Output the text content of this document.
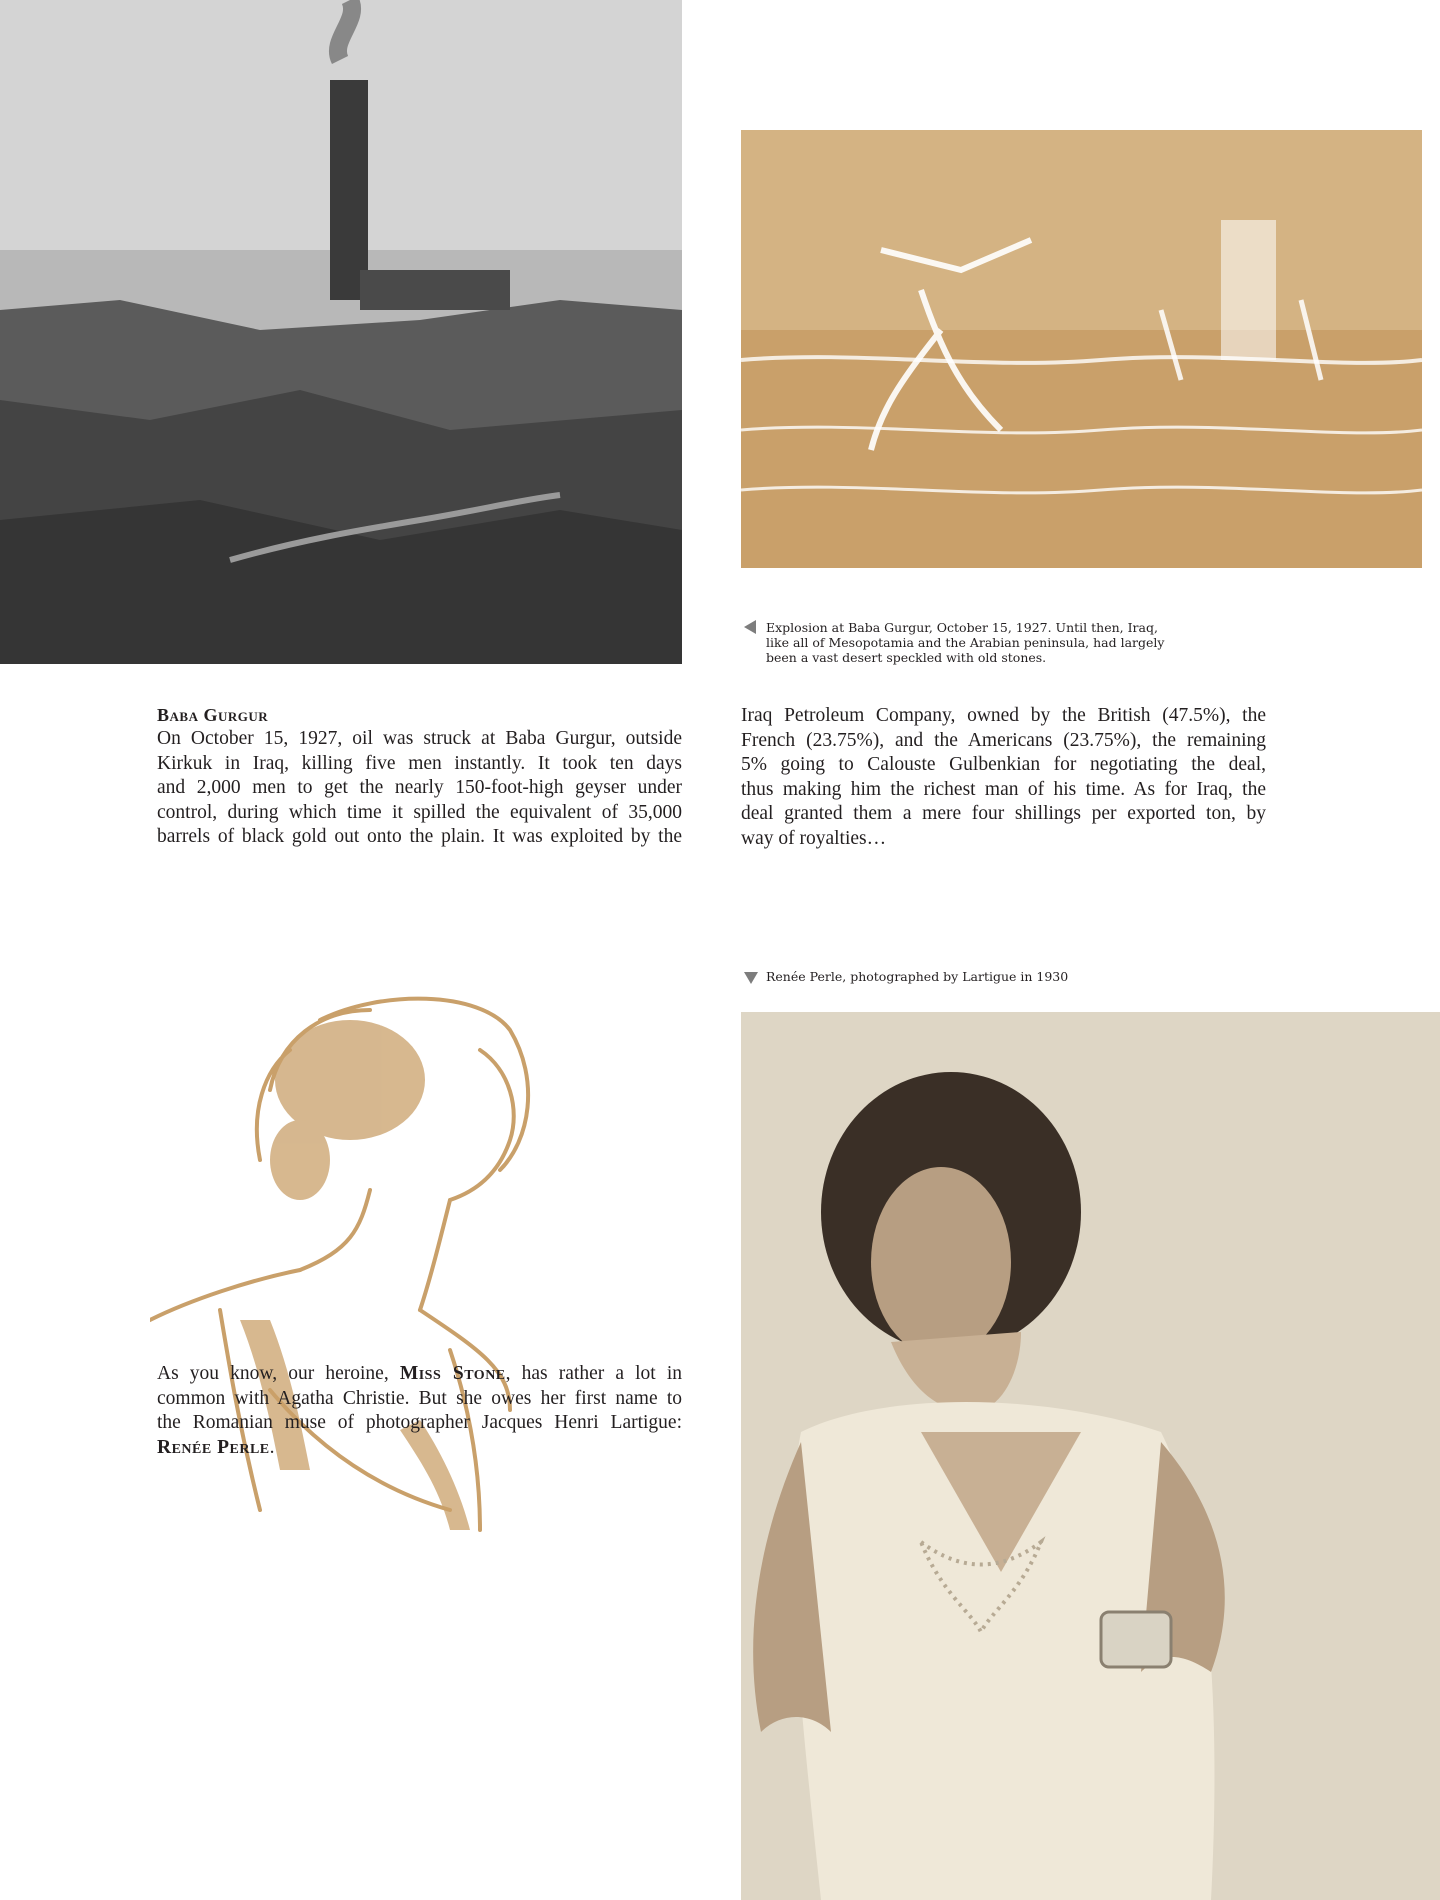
Explosion at Baba Gurgur, October 15, 1927. Until then, Iraq,
like all of Mesopotamia and the Arabian peninsula, had largely
been a vast desert speckled with old stones.
Baba Gurgur
On October 15, 1927, oil was struck at Baba Gurgur, outside
Kirkuk in Iraq, killing five men instantly. It took ten days
and 2,000 men to get the nearly 150-foot-high geyser under
control, during which time it spilled the equivalent of 35,000
barrels of black gold out onto the plain. It was exploited by the
Iraq Petroleum Company, owned by the British (47.5%), the
French (23.75%), and the Americans (23.75%), the remaining
5% going to Calouste Gulbenkian for negotiating the deal,
thus making him the richest man of his time. As for Iraq, the
deal granted them a mere four shillings per exported ton, by
way of royalties…
Renée Perle, photographed by Lartigue in 1930
As you know, our heroine, Miss Stone, has rather a lot in
common with Agatha Christie. But she owes her first name to
the Romanian muse of photographer Jacques Henri Lartigue:
Renée Perle.
